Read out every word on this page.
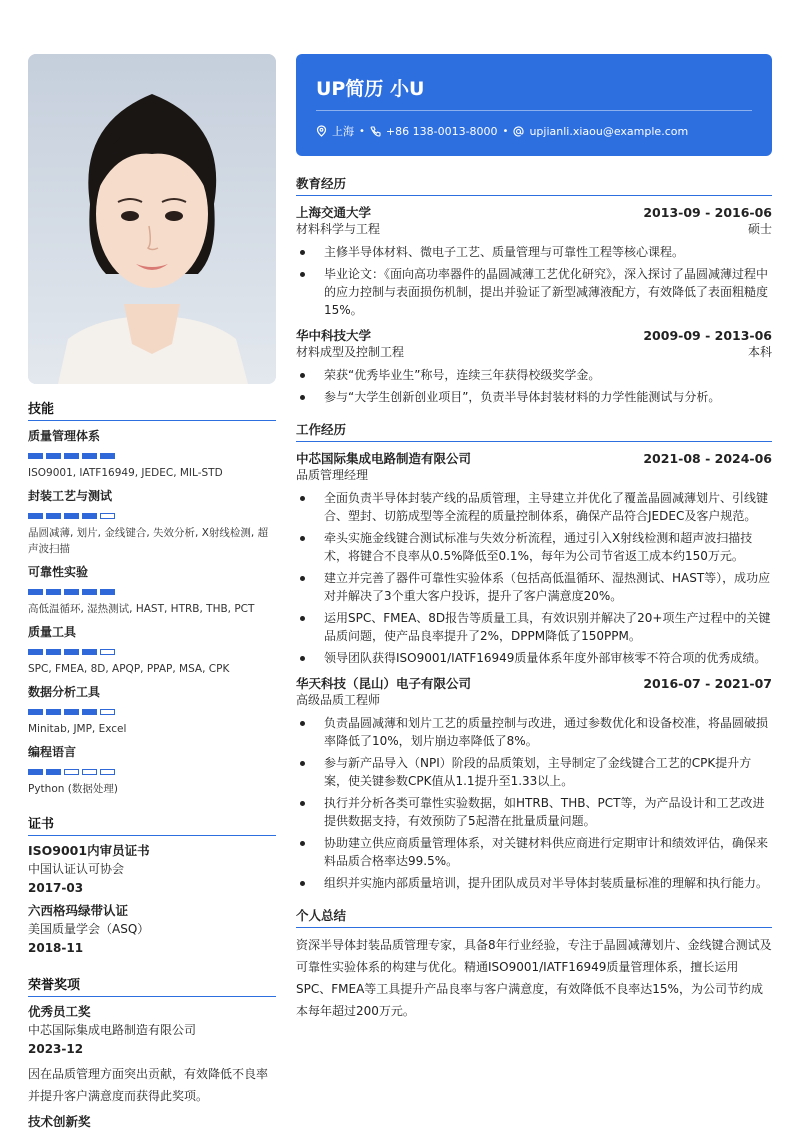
技能
质量管理体系
ISO9001, IATF16949, JEDEC, MIL-STD
封装工艺与测试
晶圆减薄, 划片, 金线键合, 失效分析, X射线检测, 超声波扫描
可靠性实验
高低温循环, 湿热测试, HAST, HTRB, THB, PCT
质量工具
SPC, FMEA, 8D, APQP, PPAP, MSA, CPK
数据分析工具
Minitab, JMP, Excel
编程语言
Python (数据处理)
证书
ISO9001内审员证书
中国认证认可协会
2017-03
六西格玛绿带认证
美国质量学会（ASQ）
2018-11
荣誉奖项
优秀员工奖
中芯国际集成电路制造有限公司
2023-12
因在品质管理方面突出贡献，有效降低不良率并提升客户满意度而获得此奖项。
技术创新奖
UP简历 小U
上海 • +86 138-0013-8000 • upjianli.xiaou@example.com
教育经历
上海交通大学	2013-09 - 2016-06
材料科学与工程	硕士
主修半导体材料、微电子工艺、质量管理与可靠性工程等核心课程。
毕业论文：《面向高功率器件的晶圆减薄工艺优化研究》，深入探讨了晶圆减薄过程中的应力控制与表面损伤机制，提出并验证了新型减薄液配方，有效降低了表面粗糙度15%。
华中科技大学	2009-09 - 2013-06
材料成型及控制工程	本科
荣获“优秀毕业生”称号，连续三年获得校级奖学金。
参与“大学生创新创业项目”，负责半导体封装材料的力学性能测试与分析。
工作经历
中芯国际集成电路制造有限公司	2021-08 - 2024-06
品质管理经理
全面负责半导体封装产线的品质管理，主导建立并优化了覆盖晶圆减薄划片、引线键合、塑封、切筋成型等全流程的质量控制体系，确保产品符合JEDEC及客户规范。
牵头实施金线键合测试标准与失效分析流程，通过引入X射线检测和超声波扫描技术，将键合不良率从0.5%降低至0.1%，每年为公司节省返工成本约150万元。
建立并完善了器件可靠性实验体系（包括高低温循环、湿热测试、HAST等），成功应对并解决了3个重大客户投诉，提升了客户满意度20%。
运用SPC、FMEA、8D报告等质量工具，有效识别并解决了20+项生产过程中的关键品质问题，使产品良率提升了2%，DPPM降低了150PPM。
领导团队获得ISO9001/IATF16949质量体系年度外部审核零不符合项的优秀成绩。
华天科技（昆山）电子有限公司	2016-07 - 2021-07
高级品质工程师
负责晶圆减薄和划片工艺的质量控制与改进，通过参数优化和设备校准，将晶圆破损率降低了10%，划片崩边率降低了8%。
参与新产品导入（NPI）阶段的品质策划，主导制定了金线键合工艺的CPK提升方案，使关键参数CPK值从1.1提升至1.33以上。
执行并分析各类可靠性实验数据，如HTRB、THB、PCT等，为产品设计和工艺改进提供数据支持，有效预防了5起潜在批量质量问题。
协助建立供应商质量管理体系，对关键材料供应商进行定期审计和绩效评估，确保来料品质合格率达99.5%。
组织并实施内部质量培训，提升团队成员对半导体封装质量标准的理解和执行能力。
个人总结
资深半导体封装品质管理专家，具备8年行业经验，专注于晶圆减薄划片、金线键合测试及可靠性实验体系的构建与优化。精通ISO9001/IATF16949质量管理体系，擅长运用SPC、FMEA等工具提升产品良率与客户满意度，有效降低不良率达15%，为公司节约成本每年超过200万元。
